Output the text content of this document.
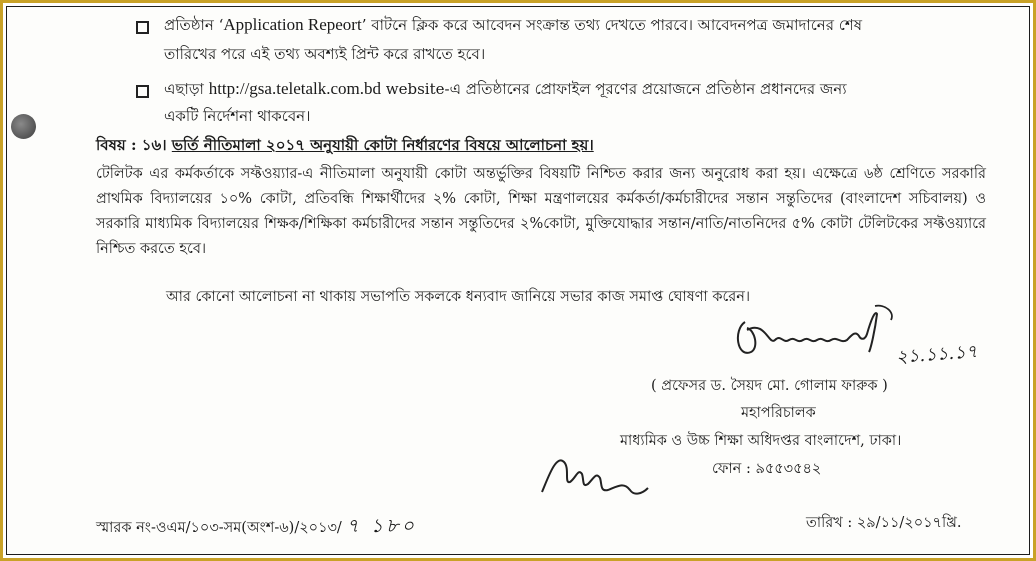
প্রতিষ্ঠান ‘Application Repeort’ বাটনে ক্লিক করে আবেদন সংক্রান্ত তথ্য দেখতে পারবে। আবেদনপত্র জমাদানের শেষ
তারিখের পরে এই তথ্য অবশ্যই প্রিন্ট করে রাখতে হবে।
এছাড়া http://gsa.teletalk.com.bd website-এ প্রতিষ্ঠানের প্রোফাইল পূরণের প্রয়োজনে প্রতিষ্ঠান প্রধানদের জন্য
একটি নির্দেশনা থাকবেন।
বিষয় : ১৬। ভর্তি নীতিমালা ২০১৭ অনুযায়ী কোটা নির্ধারণের বিষয়ে আলোচনা হয়।
টেলিটক এর কর্মকর্তাকে সফ্টওয়্যার-এ নীতিমালা অনুযায়ী কোটা অন্তর্ভুক্তির বিষয়টি নিশ্চিত করার জন্য অনুরোধ করা হয়। এক্ষেত্রে ৬ষ্ঠ শ্রেণিতে সরকারি প্রাথমিক বিদ্যালয়ের ১০% কোটা, প্রতিবন্ধি শিক্ষার্থীদের ২% কোটা, শিক্ষা মন্ত্রণালয়ের কর্মকর্তা/কর্মচারীদের সন্তান সন্তুতিদের (বাংলাদেশ সচিবালয়) ও সরকারি মাধ্যমিক বিদ্যালয়ের শিক্ষক/শিক্ষিকা কর্মচারীদের সন্তান সন্তুতিদের ২%কোটা, মুক্তিযোদ্ধার সন্তান/নাতি/নাতনিদের ৫% কোটা টেলিটকের সফ্টওয়্যারে নিশ্চিত করতে হবে।
আর কোনো আলোচনা না থাকায় সভাপতি সকলকে ধন্যবাদ জানিয়ে সভার কাজ সমাপ্ত ঘোষণা করেন।
২১.১১.১৭
( প্রফেসর ড. সৈয়দ মো. গোলাম ফারুক )
মহাপরিচালক
মাধ্যমিক ও উচ্চ শিক্ষা অধিদপ্তর বাংলাদেশ, ঢাকা।
ফোন : ৯৫৫৩৫৪২
স্মারক নং-ওএম/১০৩-সম(অংশ-৬)/২০১৩/ ৭ ১৮০	তারিখ : ২৯/১১/২০১৭খ্রি.
